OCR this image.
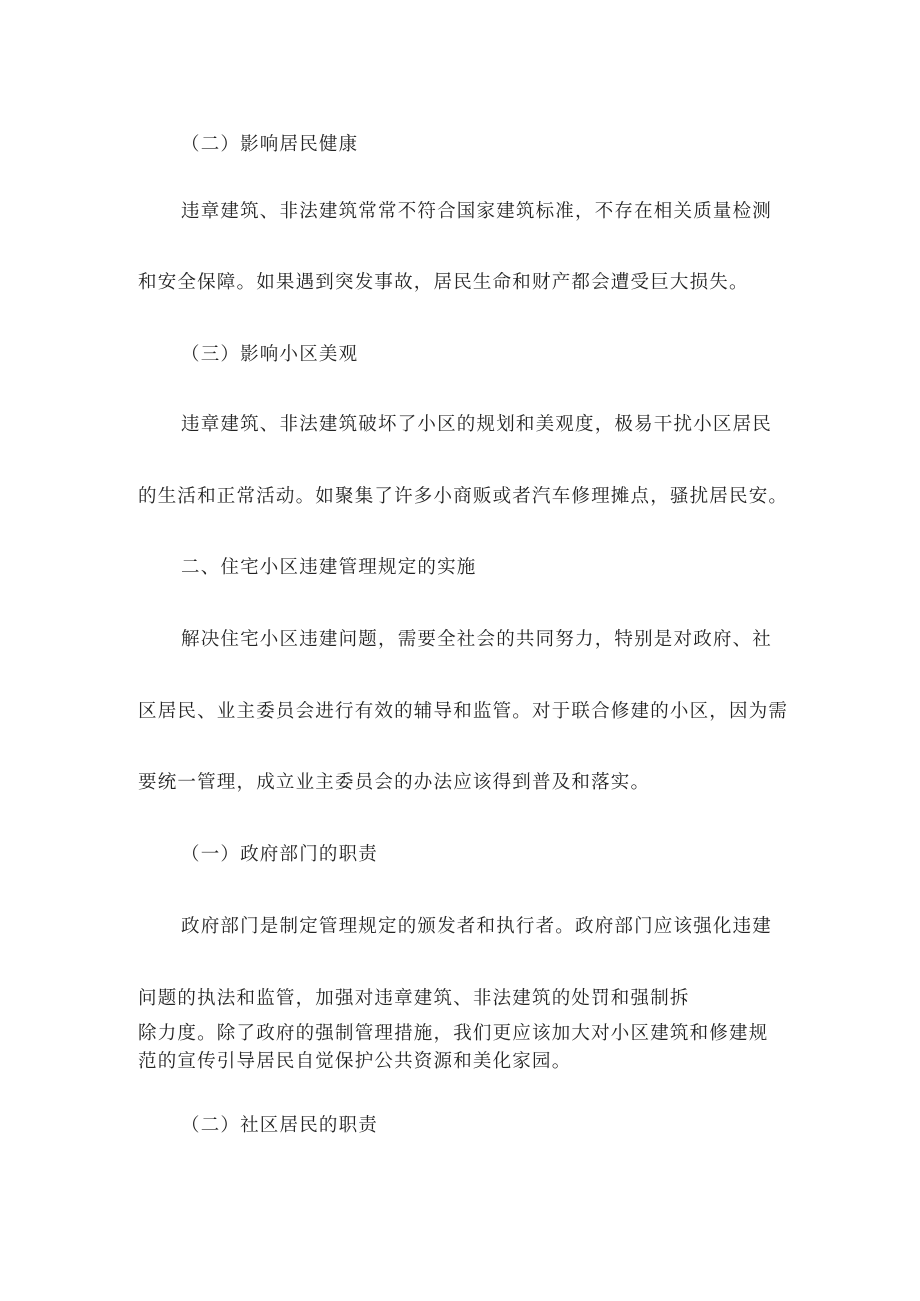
（二）影响居民健康
违章建筑、非法建筑常常不符合国家建筑标准，不存在相关质量检测
和安全保障。如果遇到突发事故，居民生命和财产都会遭受巨大损失。
（三）影响小区美观
违章建筑、非法建筑破坏了小区的规划和美观度，极易干扰小区居民
的生活和正常活动。如聚集了许多小商贩或者汽车修理摊点，骚扰居民安。
二、住宅小区违建管理规定的实施
解决住宅小区违建问题，需要全社会的共同努力，特别是对政府、社
区居民、业主委员会进行有效的辅导和监管。对于联合修建的小区，因为需
要统一管理，成立业主委员会的办法应该得到普及和落实。
（一）政府部门的职责
政府部门是制定管理规定的颁发者和执行者。政府部门应该强化违建
问题的执法和监管，加强对违章建筑、非法建筑的处罚和强制拆
除力度。除了政府的强制管理措施，我们更应该加大对小区建筑和修建规
范的宣传引导居民自觉保护公共资源和美化家园。
（二）社区居民的职责
